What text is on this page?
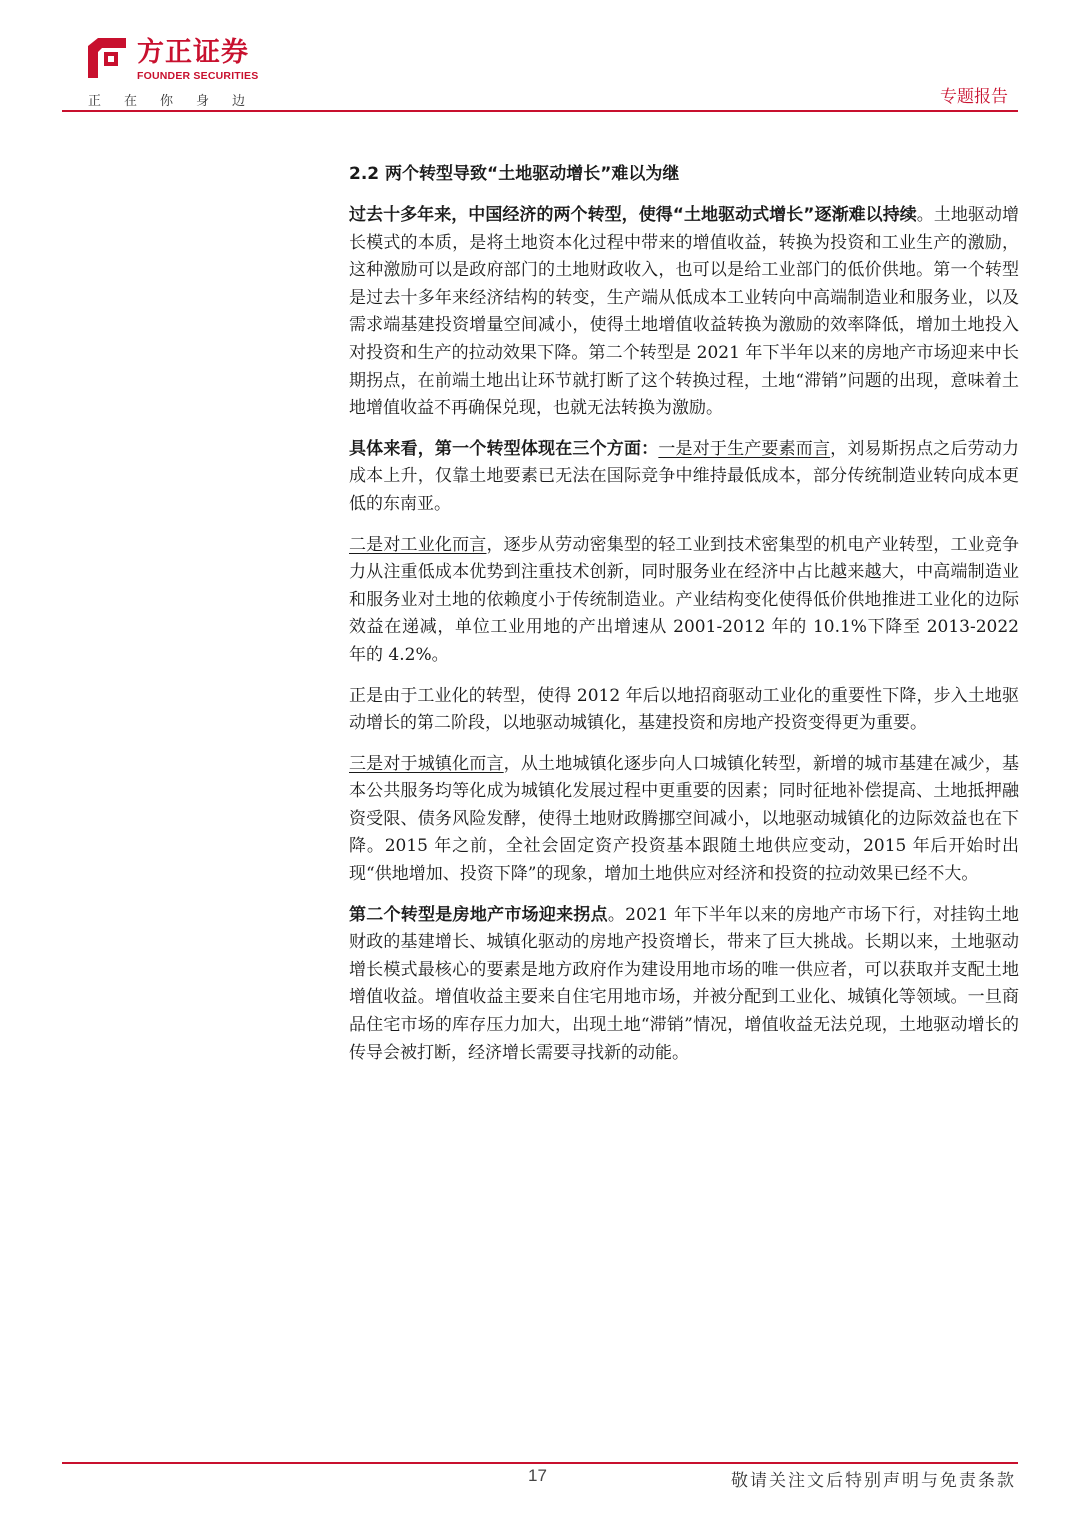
方正证券
FOUNDER SECURITIES
正在你身边	专题报告
2.2 两个转型导致“土地驱动增长”难以为继

过去十多年来，中国经济的两个转型，使得“土地驱动式增长”逐渐难以持续。土地驱动增长模式的本质，是将土地资本化过程中带来的增值收益，转换为投资和工业生产的激励，这种激励可以是政府部门的土地财政收入，也可以是给工业部门的低价供地。第一个转型是过去十多年来经济结构的转变，生产端从低成本工业转向中高端制造业和服务业，以及需求端基建投资增量空间减小，使得土地增值收益转换为激励的效率降低，增加土地投入对投资和生产的拉动效果下降。第二个转型是 2021 年下半年以来的房地产市场迎来中长期拐点，在前端土地出让环节就打断了这个转换过程，土地“滞销”问题的出现，意味着土地增值收益不再确保兑现，也就无法转换为激励。

具体来看，第一个转型体现在三个方面：一是对于生产要素而言，刘易斯拐点之后劳动力成本上升，仅靠土地要素已无法在国际竞争中维持最低成本，部分传统制造业转向成本更低的东南亚。

二是对工业化而言，逐步从劳动密集型的轻工业到技术密集型的机电产业转型，工业竞争力从注重低成本优势到注重技术创新，同时服务业在经济中占比越来越大，中高端制造业和服务业对土地的依赖度小于传统制造业。产业结构变化使得低价供地推进工业化的边际效益在递减，单位工业用地的产出增速从 2001-2012 年的 10.1%下降至 2013-2022 年的 4.2%。

正是由于工业化的转型，使得 2012 年后以地招商驱动工业化的重要性下降，步入土地驱动增长的第二阶段，以地驱动城镇化，基建投资和房地产投资变得更为重要。

三是对于城镇化而言，从土地城镇化逐步向人口城镇化转型，新增的城市基建在减少，基本公共服务均等化成为城镇化发展过程中更重要的因素；同时征地补偿提高、土地抵押融资受限、债务风险发酵，使得土地财政腾挪空间减小，以地驱动城镇化的边际效益也在下降。2015 年之前，全社会固定资产投资基本跟随土地供应变动，2015 年后开始时出现“供地增加、投资下降”的现象，增加土地供应对经济和投资的拉动效果已经不大。

第二个转型是房地产市场迎来拐点。2021 年下半年以来的房地产市场下行，对挂钩土地财政的基建增长、城镇化驱动的房地产投资增长，带来了巨大挑战。长期以来，土地驱动增长模式最核心的要素是地方政府作为建设用地市场的唯一供应者，可以获取并支配土地增值收益。增值收益主要来自住宅用地市场，并被分配到工业化、城镇化等领域。一旦商品住宅市场的库存压力加大，出现土地“滞销”情况，增值收益无法兑现，土地驱动增长的传导会被打断，经济增长需要寻找新的动能。

17	敬请关注文后特别声明与免责条款
